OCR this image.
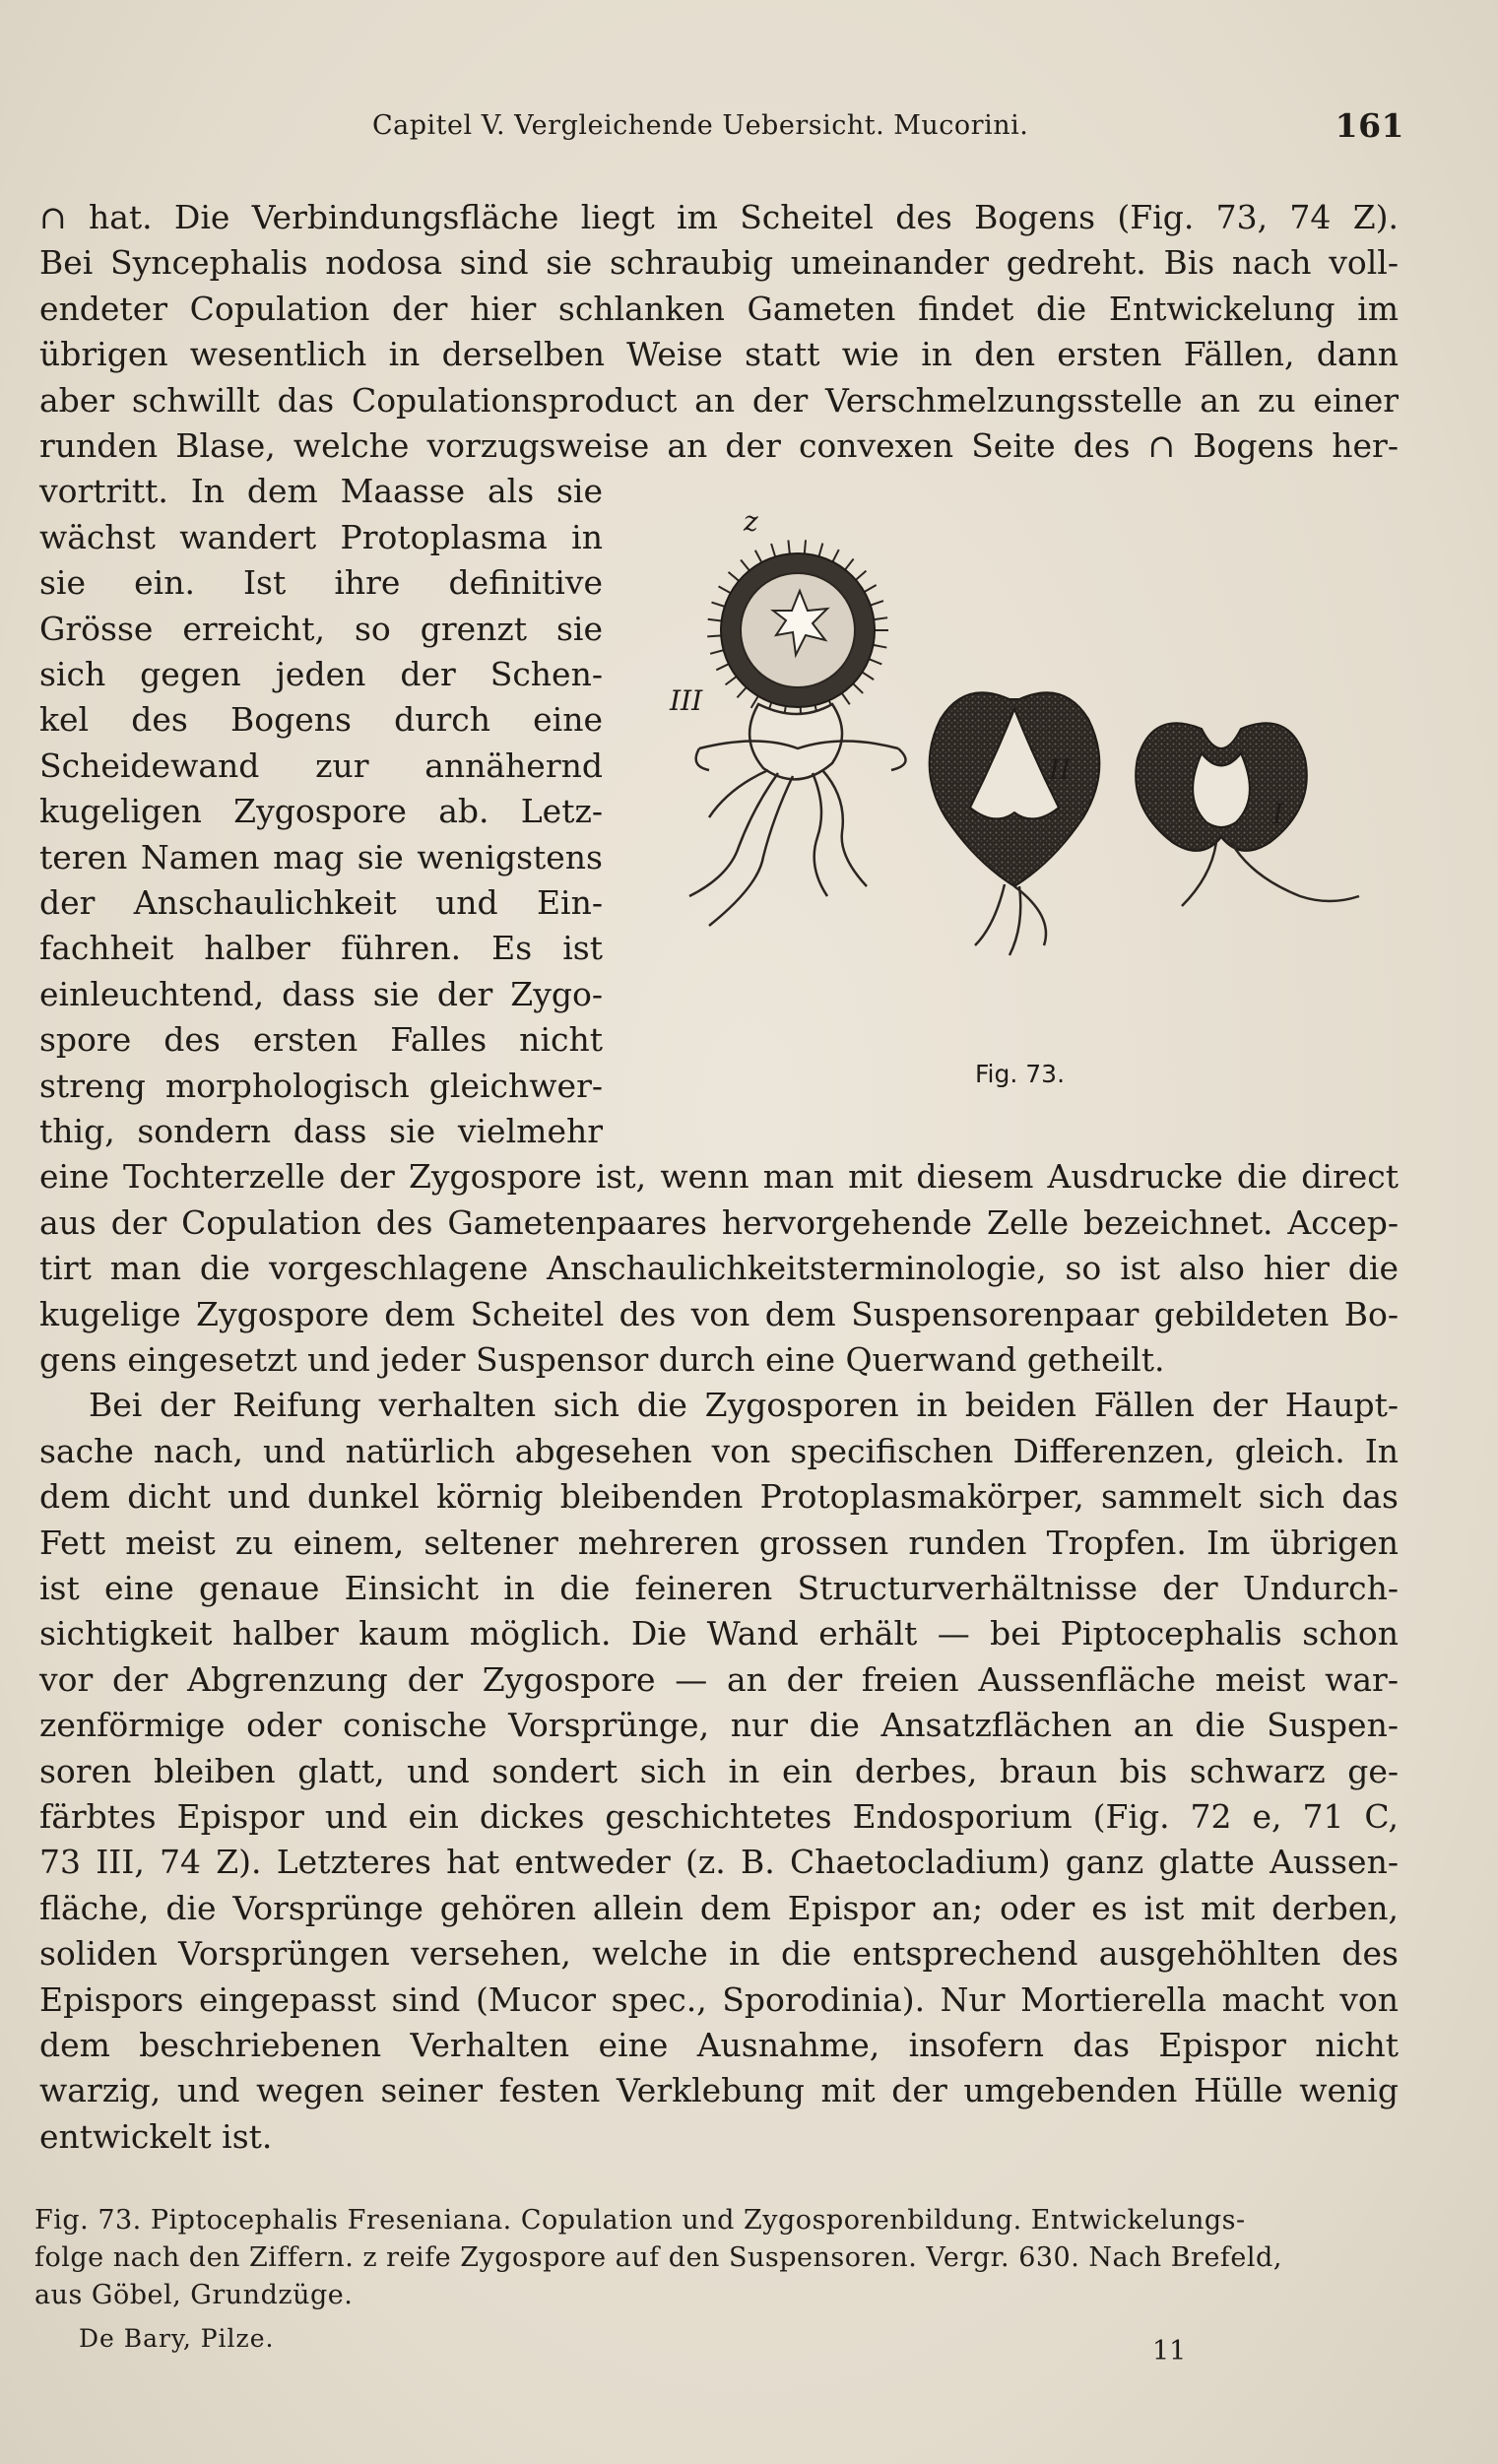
Capitel V. Vergleichende Uebersicht. Mucorini.	161
∩ hat. Die Verbindungsfläche liegt im Scheitel des Bogens (Fig. 73, 74 Z).
Bei Syncephalis nodosa sind sie schraubig umeinander gedreht. Bis nach voll-
endeter Copulation der hier schlanken Gameten findet die Entwickelung im
übrigen wesentlich in derselben Weise statt wie in den ersten Fällen, dann
aber schwillt das Copulationsproduct an der Verschmelzungsstelle an zu einer
runden Blase, welche vorzugsweise an der convexen Seite des ∩ Bogens her-
vortritt. In dem Maasse als sie
wächst wandert Protoplasma in
sie ein. Ist ihre definitive
Grösse erreicht, so grenzt sie
sich gegen jeden der Schen-
kel des Bogens durch eine
Scheidewand zur annähernd
kugeligen Zygospore ab. Letz-
teren Namen mag sie wenigstens
der Anschaulichkeit und Ein-
fachheit halber führen. Es ist
einleuchtend, dass sie der Zygo-
spore des ersten Falles nicht
streng morphologisch gleichwer-
thig, sondern dass sie vielmehr
eine Tochterzelle der Zygospore ist, wenn man mit diesem Ausdrucke die direct
aus der Copulation des Gametenpaares hervorgehende Zelle bezeichnet. Accep-
tirt man die vorgeschlagene Anschaulichkeitsterminologie, so ist also hier die
kugelige Zygospore dem Scheitel des von dem Suspensorenpaar gebildeten Bo-
gens eingesetzt und jeder Suspensor durch eine Querwand getheilt.
Bei der Reifung verhalten sich die Zygosporen in beiden Fällen der Haupt-
sache nach, und natürlich abgesehen von specifischen Differenzen, gleich. In
dem dicht und dunkel körnig bleibenden Protoplasmakörper, sammelt sich das
Fett meist zu einem, seltener mehreren grossen runden Tropfen. Im übrigen
ist eine genaue Einsicht in die feineren Structurverhältnisse der Undurch-
sichtigkeit halber kaum möglich. Die Wand erhält — bei Piptocephalis schon
vor der Abgrenzung der Zygospore — an der freien Aussenfläche meist war-
zenförmige oder conische Vorsprünge, nur die Ansatzflächen an die Suspen-
soren bleiben glatt, und sondert sich in ein derbes, braun bis schwarz ge-
färbtes Epispor und ein dickes geschichtetes Endosporium (Fig. 72 e, 71 C,
73 III, 74 Z). Letzteres hat entweder (z. B. Chaetocladium) ganz glatte Aussen-
fläche, die Vorsprünge gehören allein dem Epispor an; oder es ist mit derben,
soliden Vorsprüngen versehen, welche in die entsprechend ausgehöhlten des
Epispors eingepasst sind (Mucor spec., Sporodinia). Nur Mortierella macht von
dem beschriebenen Verhalten eine Ausnahme, insofern das Epispor nicht
warzig, und wegen seiner festen Verklebung mit der umgebenden Hülle wenig
entwickelt ist.
z
III
II
I
Fig. 73.
Fig. 73. Piptocephalis Freseniana. Copulation und Zygosporenbildung. Entwickelungs-
folge nach den Ziffern. z reife Zygospore auf den Suspensoren. Vergr. 630. Nach Brefeld,
aus Göbel, Grundzüge.
De Bary, Pilze.	11
